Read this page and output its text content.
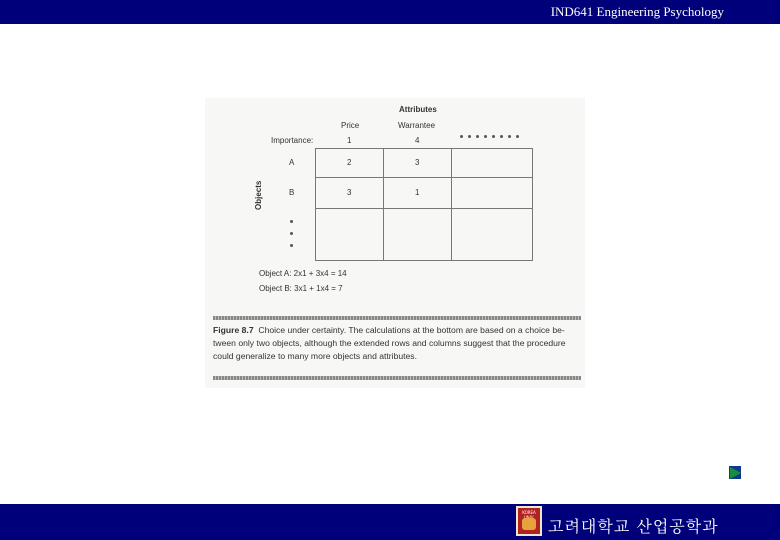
IND641 Engineering Psychology
Attributes
Price	Warrantee
Importance:	1	4
Objects
A	2	3
B	3	1
Object A: 2x1 + 3x4 = 14
Object B: 3x1 + 1x4 = 7
Figure 8.7 Choice under certainty. The calculations at the bottom are based on a choice be-
tween only two objects, although the extended rows and columns suggest that the procedure
could generalize to many more objects and attributes.
KOREA
고려대학교 산업공학과
